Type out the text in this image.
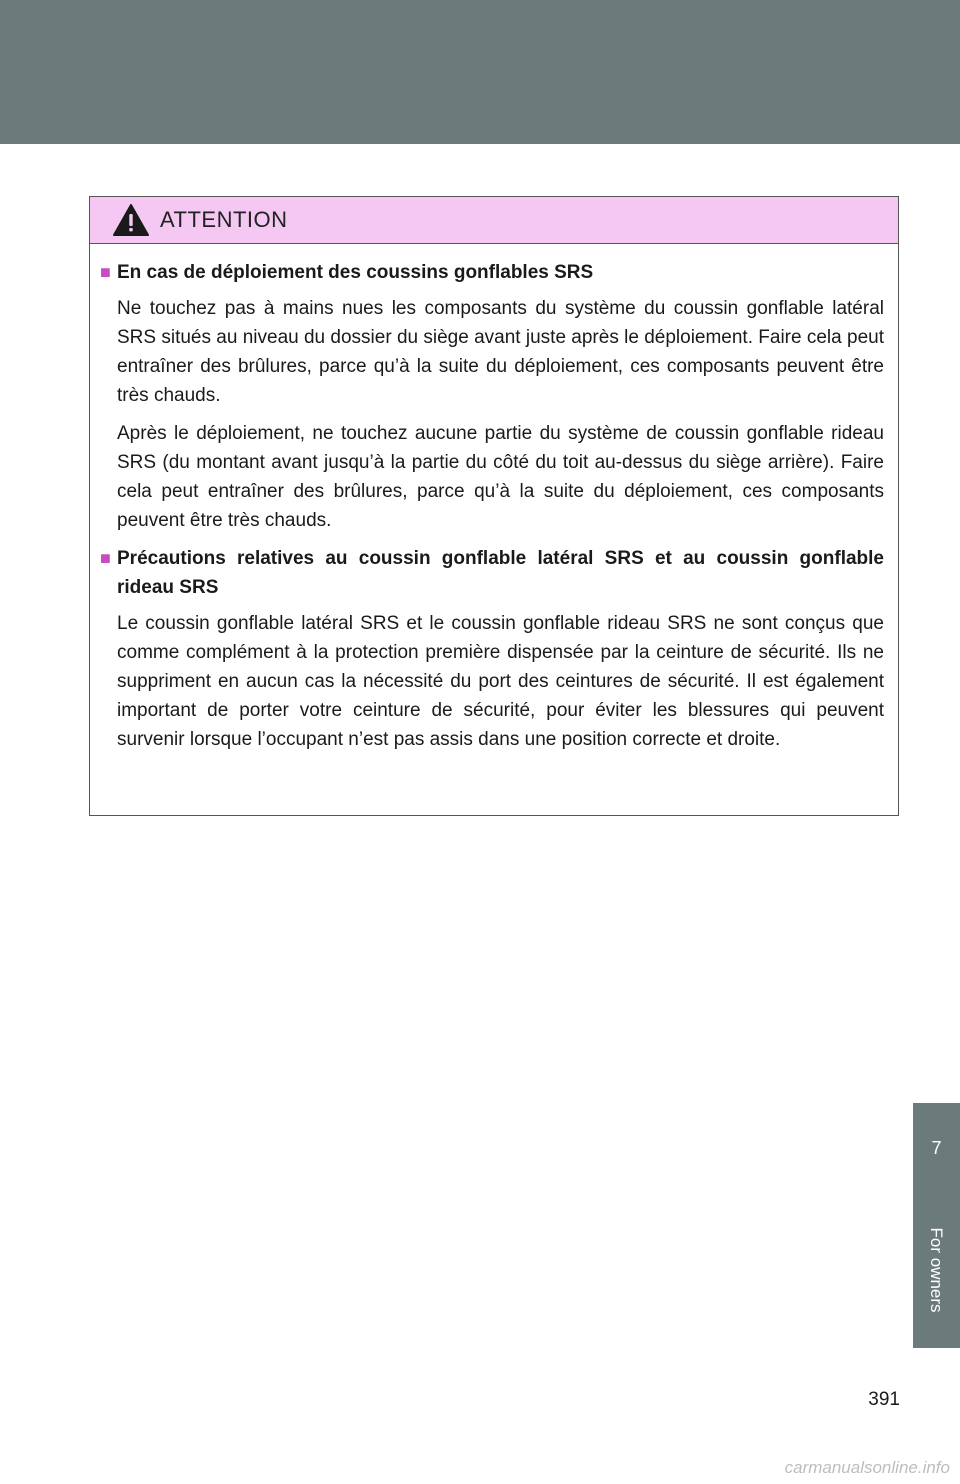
ATTENTION
■ En cas de déploiement des coussins gonflables SRS

Ne touchez pas à mains nues les composants du système du coussin gonflable latéral SRS situés au niveau du dossier du siège avant juste après le déploiement. Faire cela peut entraîner des brûlures, parce qu’à la suite du déploiement, ces composants peuvent être très chauds.

Après le déploiement, ne touchez aucune partie du système de coussin gonflable rideau SRS (du montant avant jusqu’à la partie du côté du toit au-dessus du siège arrière). Faire cela peut entraîner des brûlures, parce qu’à la suite du déploiement, ces composants peuvent être très chauds.

■ Précautions relatives au coussin gonflable latéral SRS et au coussin gonflable rideau SRS

Le coussin gonflable latéral SRS et le coussin gonflable rideau SRS ne sont conçus que comme complément à la protection première dispensée par la ceinture de sécurité. Ils ne suppriment en aucun cas la nécessité du port des ceintures de sécurité. Il est également important de porter votre ceinture de sécurité, pour éviter les blessures qui peuvent survenir lorsque l’occupant n’est pas assis dans une position correcte et droite.

7
For owners
391
carmanualsonline.info
